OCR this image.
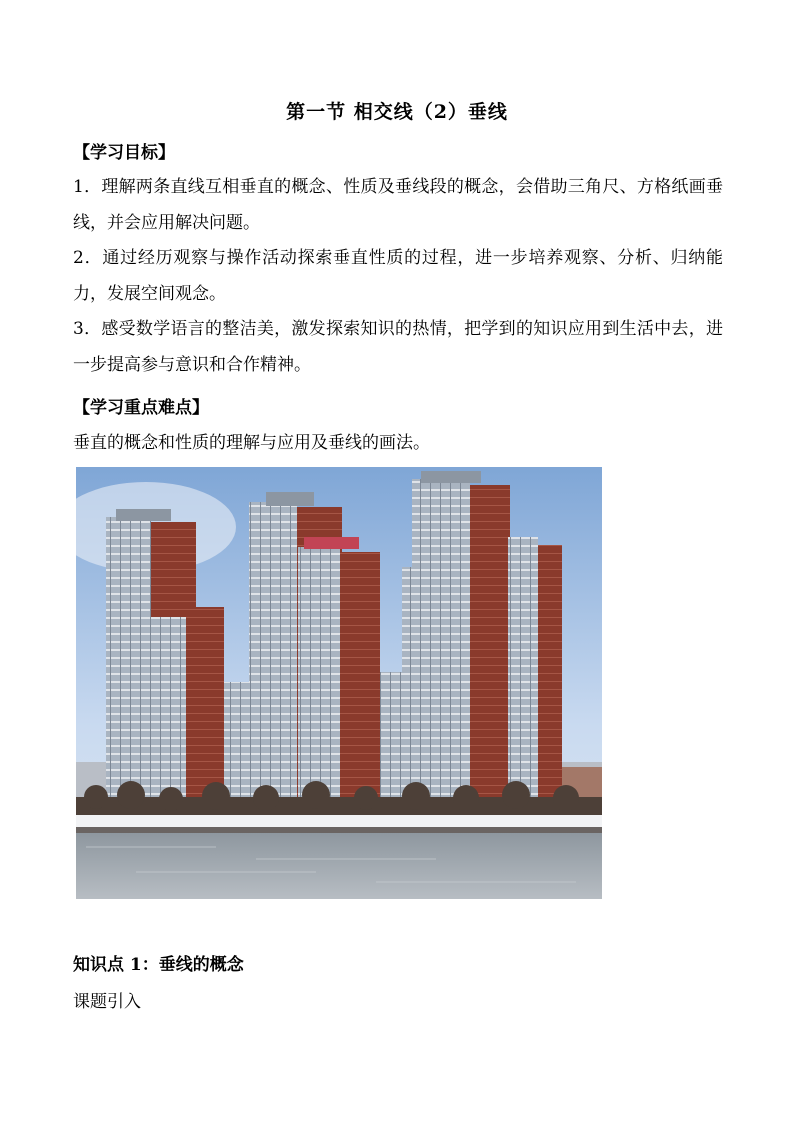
第一节 相交线（2）垂线
【学习目标】
1．理解两条直线互相垂直的概念、性质及垂线段的概念，会借助三角尺、方格纸画垂线，并会应用解决问题。
2．通过经历观察与操作活动探索垂直性质的过程，进一步培养观察、分析、归纳能力，发展空间观念。
3．感受数学语言的整洁美，激发探索知识的热情，把学到的知识应用到生活中去，进一步提高参与意识和合作精神。
【学习重点难点】
垂直的概念和性质的理解与应用及垂线的画法。
知识点 1：垂线的概念
课题引入
